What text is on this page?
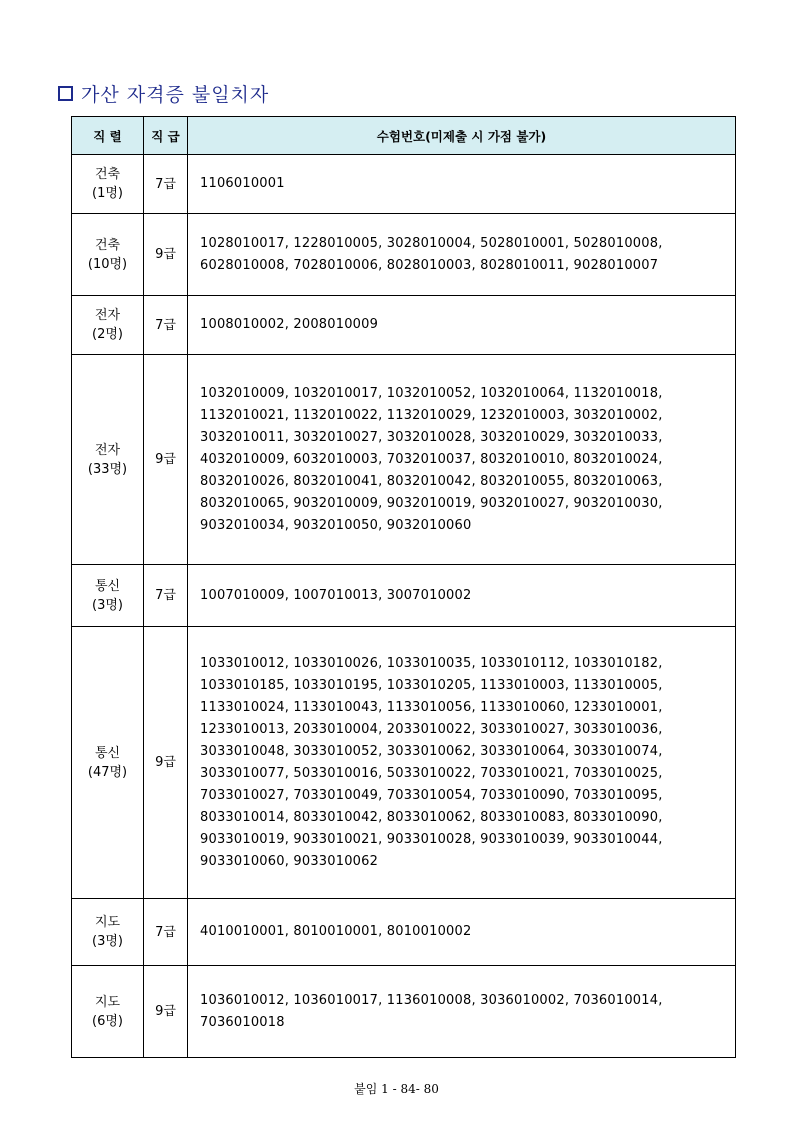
가산 자격증 불일치자
직 렬	직 급	수험번호(미제출 시 가점 불가)
건축
(1명)	7급	1106010001
건축
(10명)	9급	1028010017, 1228010005, 3028010004, 5028010001, 5028010008, 6028010008, 7028010006, 8028010003, 8028010011, 9028010007
전자
(2명)	7급	1008010002, 2008010009
전자
(33명)	9급	1032010009, 1032010017, 1032010052, 1032010064, 1132010018, 1132010021, 1132010022, 1132010029, 1232010003, 3032010002, 3032010011, 3032010027, 3032010028, 3032010029, 3032010033, 4032010009, 6032010003, 7032010037, 8032010010, 8032010024, 8032010026, 8032010041, 8032010042, 8032010055, 8032010063, 8032010065, 9032010009, 9032010019, 9032010027, 9032010030, 9032010034, 9032010050, 9032010060
통신
(3명)	7급	1007010009, 1007010013, 3007010002
통신
(47명)	9급	1033010012, 1033010026, 1033010035, 1033010112, 1033010182, 1033010185, 1033010195, 1033010205, 1133010003, 1133010005, 1133010024, 1133010043, 1133010056, 1133010060, 1233010001, 1233010013, 2033010004, 2033010022, 3033010027, 3033010036, 3033010048, 3033010052, 3033010062, 3033010064, 3033010074, 3033010077, 5033010016, 5033010022, 7033010021, 7033010025, 7033010027, 7033010049, 7033010054, 7033010090, 7033010095, 8033010014, 8033010042, 8033010062, 8033010083, 8033010090, 9033010019, 9033010021, 9033010028, 9033010039, 9033010044, 9033010060, 9033010062
지도
(3명)	7급	4010010001, 8010010001, 8010010002
지도
(6명)	9급	1036010012, 1036010017, 1136010008, 3036010002, 7036010014, 7036010018
붙임 1 - 84- 80
